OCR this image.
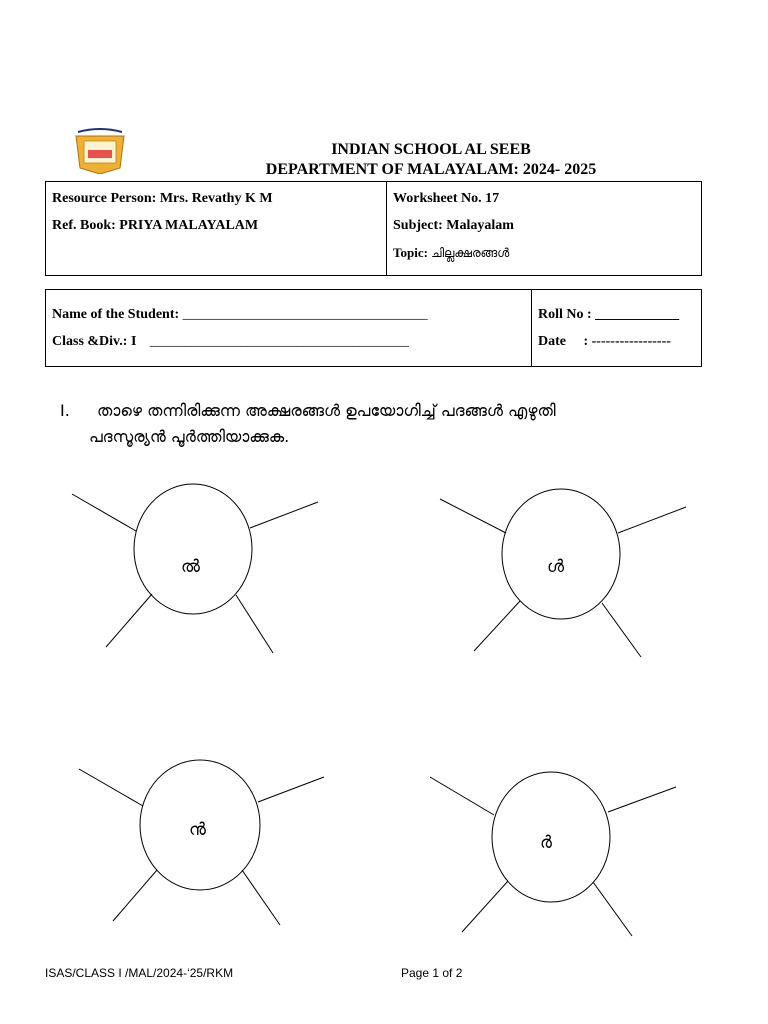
INDIAN SCHOOL AL SEEB
DEPARTMENT OF MALAYALAM: 2024- 2025
Resource Person: Mrs. Revathy K M
Ref. Book: PRIYA MALAYALAM

Worksheet No. 17
Subject: Malayalam
Topic: ചില്ലക്ഷരങ്ങൾ
Name of the Student: ___________________________________
Class &Div.: I _____________________________________

Roll No : ____________
Date     : -----------------
I. താഴെ തന്നിരിക്കുന്ന അക്ഷരങ്ങൾ ഉപയോഗിച്ച് പദങ്ങൾ എഴുതി
പദസൂര്യൻ പൂർത്തിയാക്കുക.
ൽ	ൾ
ൻ
ർ
ISAS/CLASS I /MAL/2024-‘25/RKM	Page 1 of 2
